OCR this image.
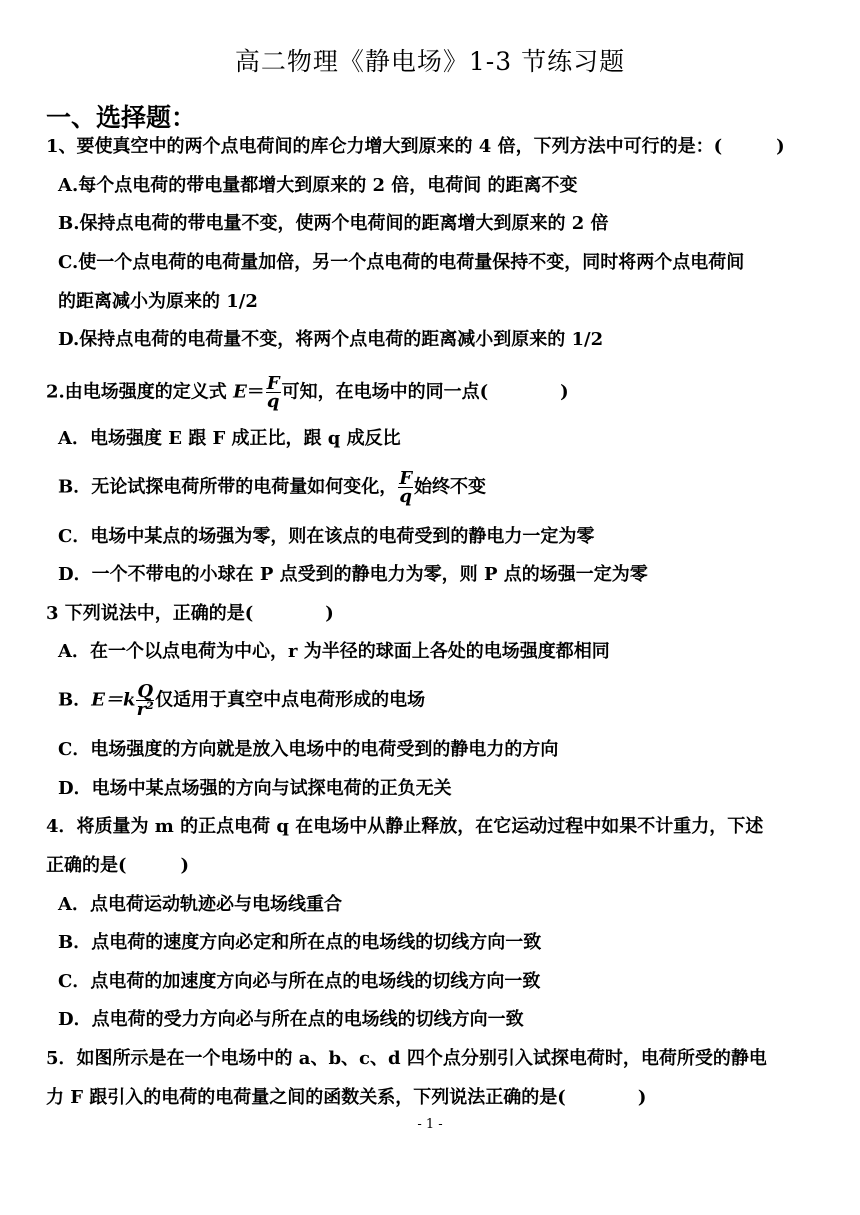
高二物理《静电场》1-3 节练习题
一、选择题：
1、要使真空中的两个点电荷间的库仑力增大到原来的 4 倍，下列方法中可行的是：(　　　)
A.每个点电荷的带电量都增大到原来的 2 倍，电荷间 的距离不变
B.保持点电荷的带电量不变，使两个电荷间的距离增大到原来的 2 倍
C.使一个点电荷的电荷量加倍，另一个点电荷的电荷量保持不变，同时将两个点电荷间
的距离减小为原来的 1/2
D.保持点电荷的电荷量不变，将两个点电荷的距离减小到原来的 1/2
2.由电场强度的定义式 $E= \frac{F}{q}$ 可知，在电场中的同一点(　　　　)
A．电场强度 E 跟 F 成正比，跟 q 成反比
B．无论试探电荷所带的电荷量如何变化， $\frac{F}{q}$ 始终不变
C．电场中某点的场强为零，则在该点的电荷受到的静电力一定为零
D．一个不带电的小球在 P 点受到的静电力为零，则 P 点的场强一定为零
3 下列说法中，正确的是(　　　　)
A．在一个以点电荷为中心，r 为半径的球面上各处的电场强度都相同
B．$E=k \frac{Q}{\text{r²}}$ 仅适用于真空中点电荷形成的电场
C．电场强度的方向就是放入电场中的电荷受到的静电力的方向
D．电场中某点场强的方向与试探电荷的正负无关
4．将质量为 m 的正点电荷 q 在电场中从静止释放，在它运动过程中如果不计重力，下述
正确的是(　　　)
A．点电荷运动轨迹必与电场线重合
B．点电荷的速度方向必定和所在点的电场线的切线方向一致
C．点电荷的加速度方向必与所在点的电场线的切线方向一致
D．点电荷的受力方向必与所在点的电场线的切线方向一致
5．如图所示是在一个电场中的 a、b、c、d 四个点分别引入试探电荷时，电荷所受的静电
力 F 跟引入的电荷的电荷量之间的函数关系，下列说法正确的是(　　　　)
- 1 -
